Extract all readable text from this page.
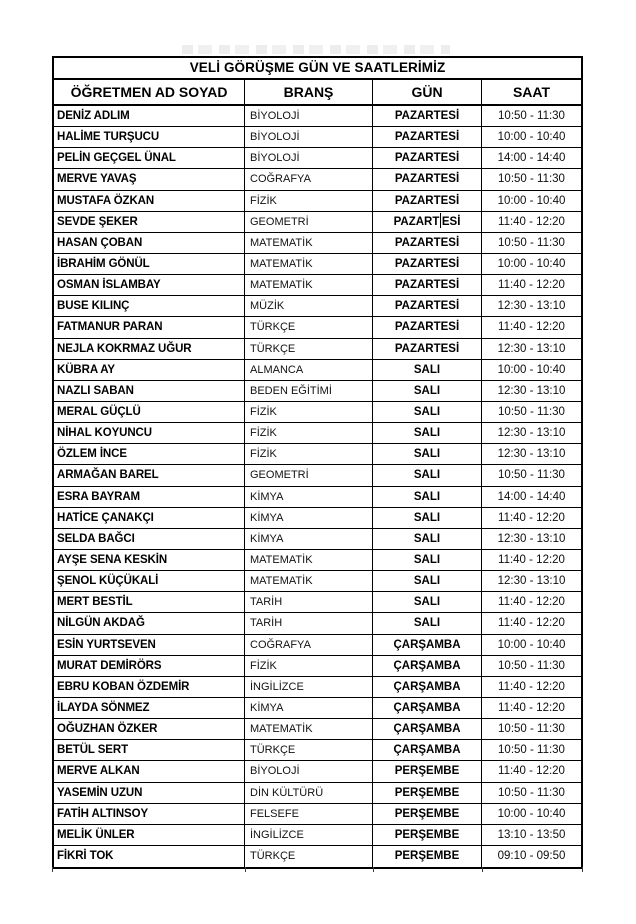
VELİ GÖRÜŞME GÜN VE SAATLERİMİZ
ÖĞRETMEN AD SOYAD	BRANŞ	GÜN	SAAT
DENİZ ADLIM	BİYOLOJİ	PAZARTESİ	10:50 - 11:30
HALİME TURŞUCU	BİYOLOJİ	PAZARTESİ	10:00 - 10:40
PELİN GEÇGEL ÜNAL	BİYOLOJİ	PAZARTESİ	14:00 - 14:40
MERVE YAVAŞ	COĞRAFYA	PAZARTESİ	10:50 - 11:30
MUSTAFA ÖZKAN	FİZİK	PAZARTESİ	10:00 - 10:40
SEVDE ŞEKER	GEOMETRİ	PAZART ESİ	11:40 - 12:20
HASAN ÇOBAN	MATEMATİK	PAZARTESİ	10:50 - 11:30
İBRAHİM GÖNÜL	MATEMATİK	PAZARTESİ	10:00 - 10:40
OSMAN İSLAMBAY	MATEMATİK	PAZARTESİ	11:40 - 12:20
BUSE KILINÇ	MÜZİK	PAZARTESİ	12:30 - 13:10
FATMANUR PARAN	TÜRKÇE	PAZARTESİ	11:40 - 12:20
NEJLA KOKRMAZ UĞUR	TÜRKÇE	PAZARTESİ	12:30 - 13:10
KÜBRA AY	ALMANCA	SALI	10:00 - 10:40
NAZLI SABAN	BEDEN EĞİTİMİ	SALI	12:30 - 13:10
MERAL GÜÇLÜ	FİZİK	SALI	10:50 - 11:30
NİHAL KOYUNCU	FİZİK	SALI	12:30 - 13:10
ÖZLEM İNCE	FİZİK	SALI	12:30 - 13:10
ARMAĞAN BAREL	GEOMETRİ	SALI	10:50 - 11:30
ESRA BAYRAM	KİMYA	SALI	14:00 - 14:40
HATİCE ÇANAKÇI	KİMYA	SALI	11:40 - 12:20
SELDA BAĞCI	KİMYA	SALI	12:30 - 13:10
AYŞE SENA KESKİN	MATEMATİK	SALI	11:40 - 12:20
ŞENOL KÜÇÜKALİ	MATEMATİK	SALI	12:30 - 13:10
MERT BESTİL	TARİH	SALI	11:40 - 12:20
NİLGÜN AKDAĞ	TARİH	SALI	11:40 - 12:20
ESİN YURTSEVEN	COĞRAFYA	ÇARŞAMBA	10:00 - 10:40
MURAT DEMİRÖRS	FİZİK	ÇARŞAMBA	10:50 - 11:30
EBRU KOBAN ÖZDEMİR	İNGİLİZCE	ÇARŞAMBA	11:40 - 12:20
İLAYDA SÖNMEZ	KİMYA	ÇARŞAMBA	11:40 - 12:20
OĞUZHAN ÖZKER	MATEMATİK	ÇARŞAMBA	10:50 - 11:30
BETÜL SERT	TÜRKÇE	ÇARŞAMBA	10:50 - 11:30
MERVE ALKAN	BİYOLOJİ	PERŞEMBE	11:40 - 12:20
YASEMİN UZUN	DİN KÜLTÜRÜ	PERŞEMBE	10:50 - 11:30
FATİH ALTINSOY	FELSEFE	PERŞEMBE	10:00 - 10:40
MELİK ÜNLER	İNGİLİZCE	PERŞEMBE	13:10 - 13:50
FİKRİ TOK	TÜRKÇE	PERŞEMBE	09:10 - 09:50
